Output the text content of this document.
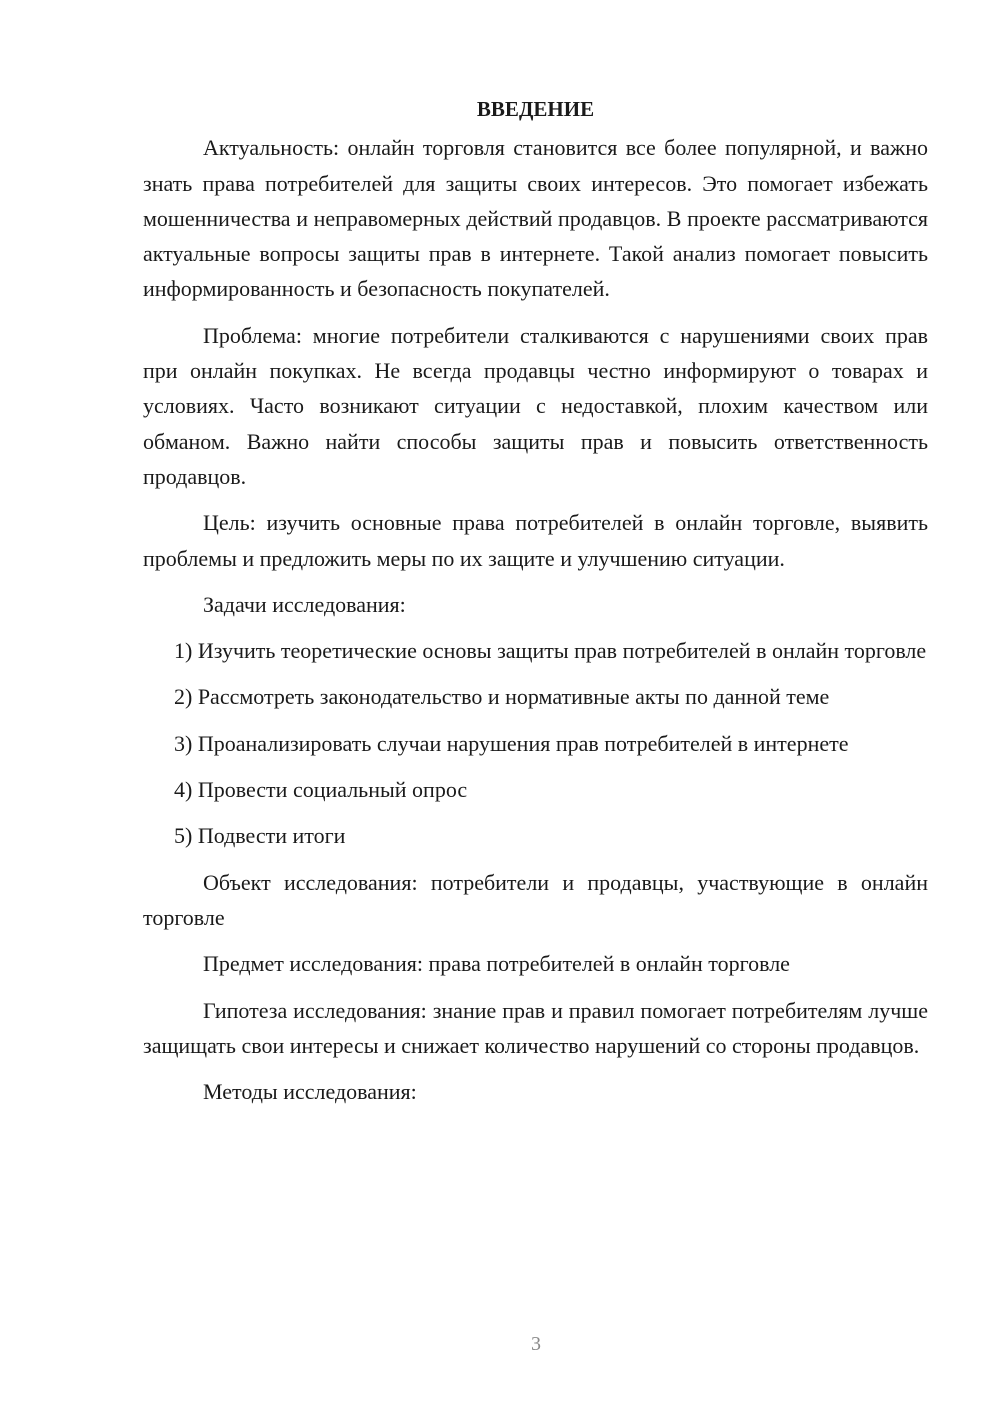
ВВЕДЕНИЕ

Актуальность: онлайн торговля становится все более популярной, и важно знать права потребителей для защиты своих интересов. Это помогает избежать мошенничества и неправомерных действий продавцов. В проекте рассматриваются актуальные вопросы защиты прав в интернете. Такой анализ помогает повысить информированность и безопасность покупателей.

Проблема: многие потребители сталкиваются с нарушениями своих прав при онлайн покупках. Не всегда продавцы честно информируют о товарах и условиях. Часто возникают ситуации с недоставкой, плохим качеством или обманом. Важно найти способы защиты прав и повысить ответственность продавцов.

Цель: изучить основные права потребителей в онлайн торговле, выявить проблемы и предложить меры по их защите и улучшению ситуации.

Задачи исследования:

1) Изучить теоретические основы защиты прав потребителей в онлайн торговле

2) Рассмотреть законодательство и нормативные акты по данной теме

3) Проанализировать случаи нарушения прав потребителей в интернете

4) Провести социальный опрос

5) Подвести итоги

Объект исследования: потребители и продавцы, участвующие в онлайн торговле

Предмет исследования: права потребителей в онлайн торговле

Гипотеза исследования: знание прав и правил помогает потребителям лучше защищать свои интересы и снижает количество нарушений со стороны продавцов.

Методы исследования:

3
